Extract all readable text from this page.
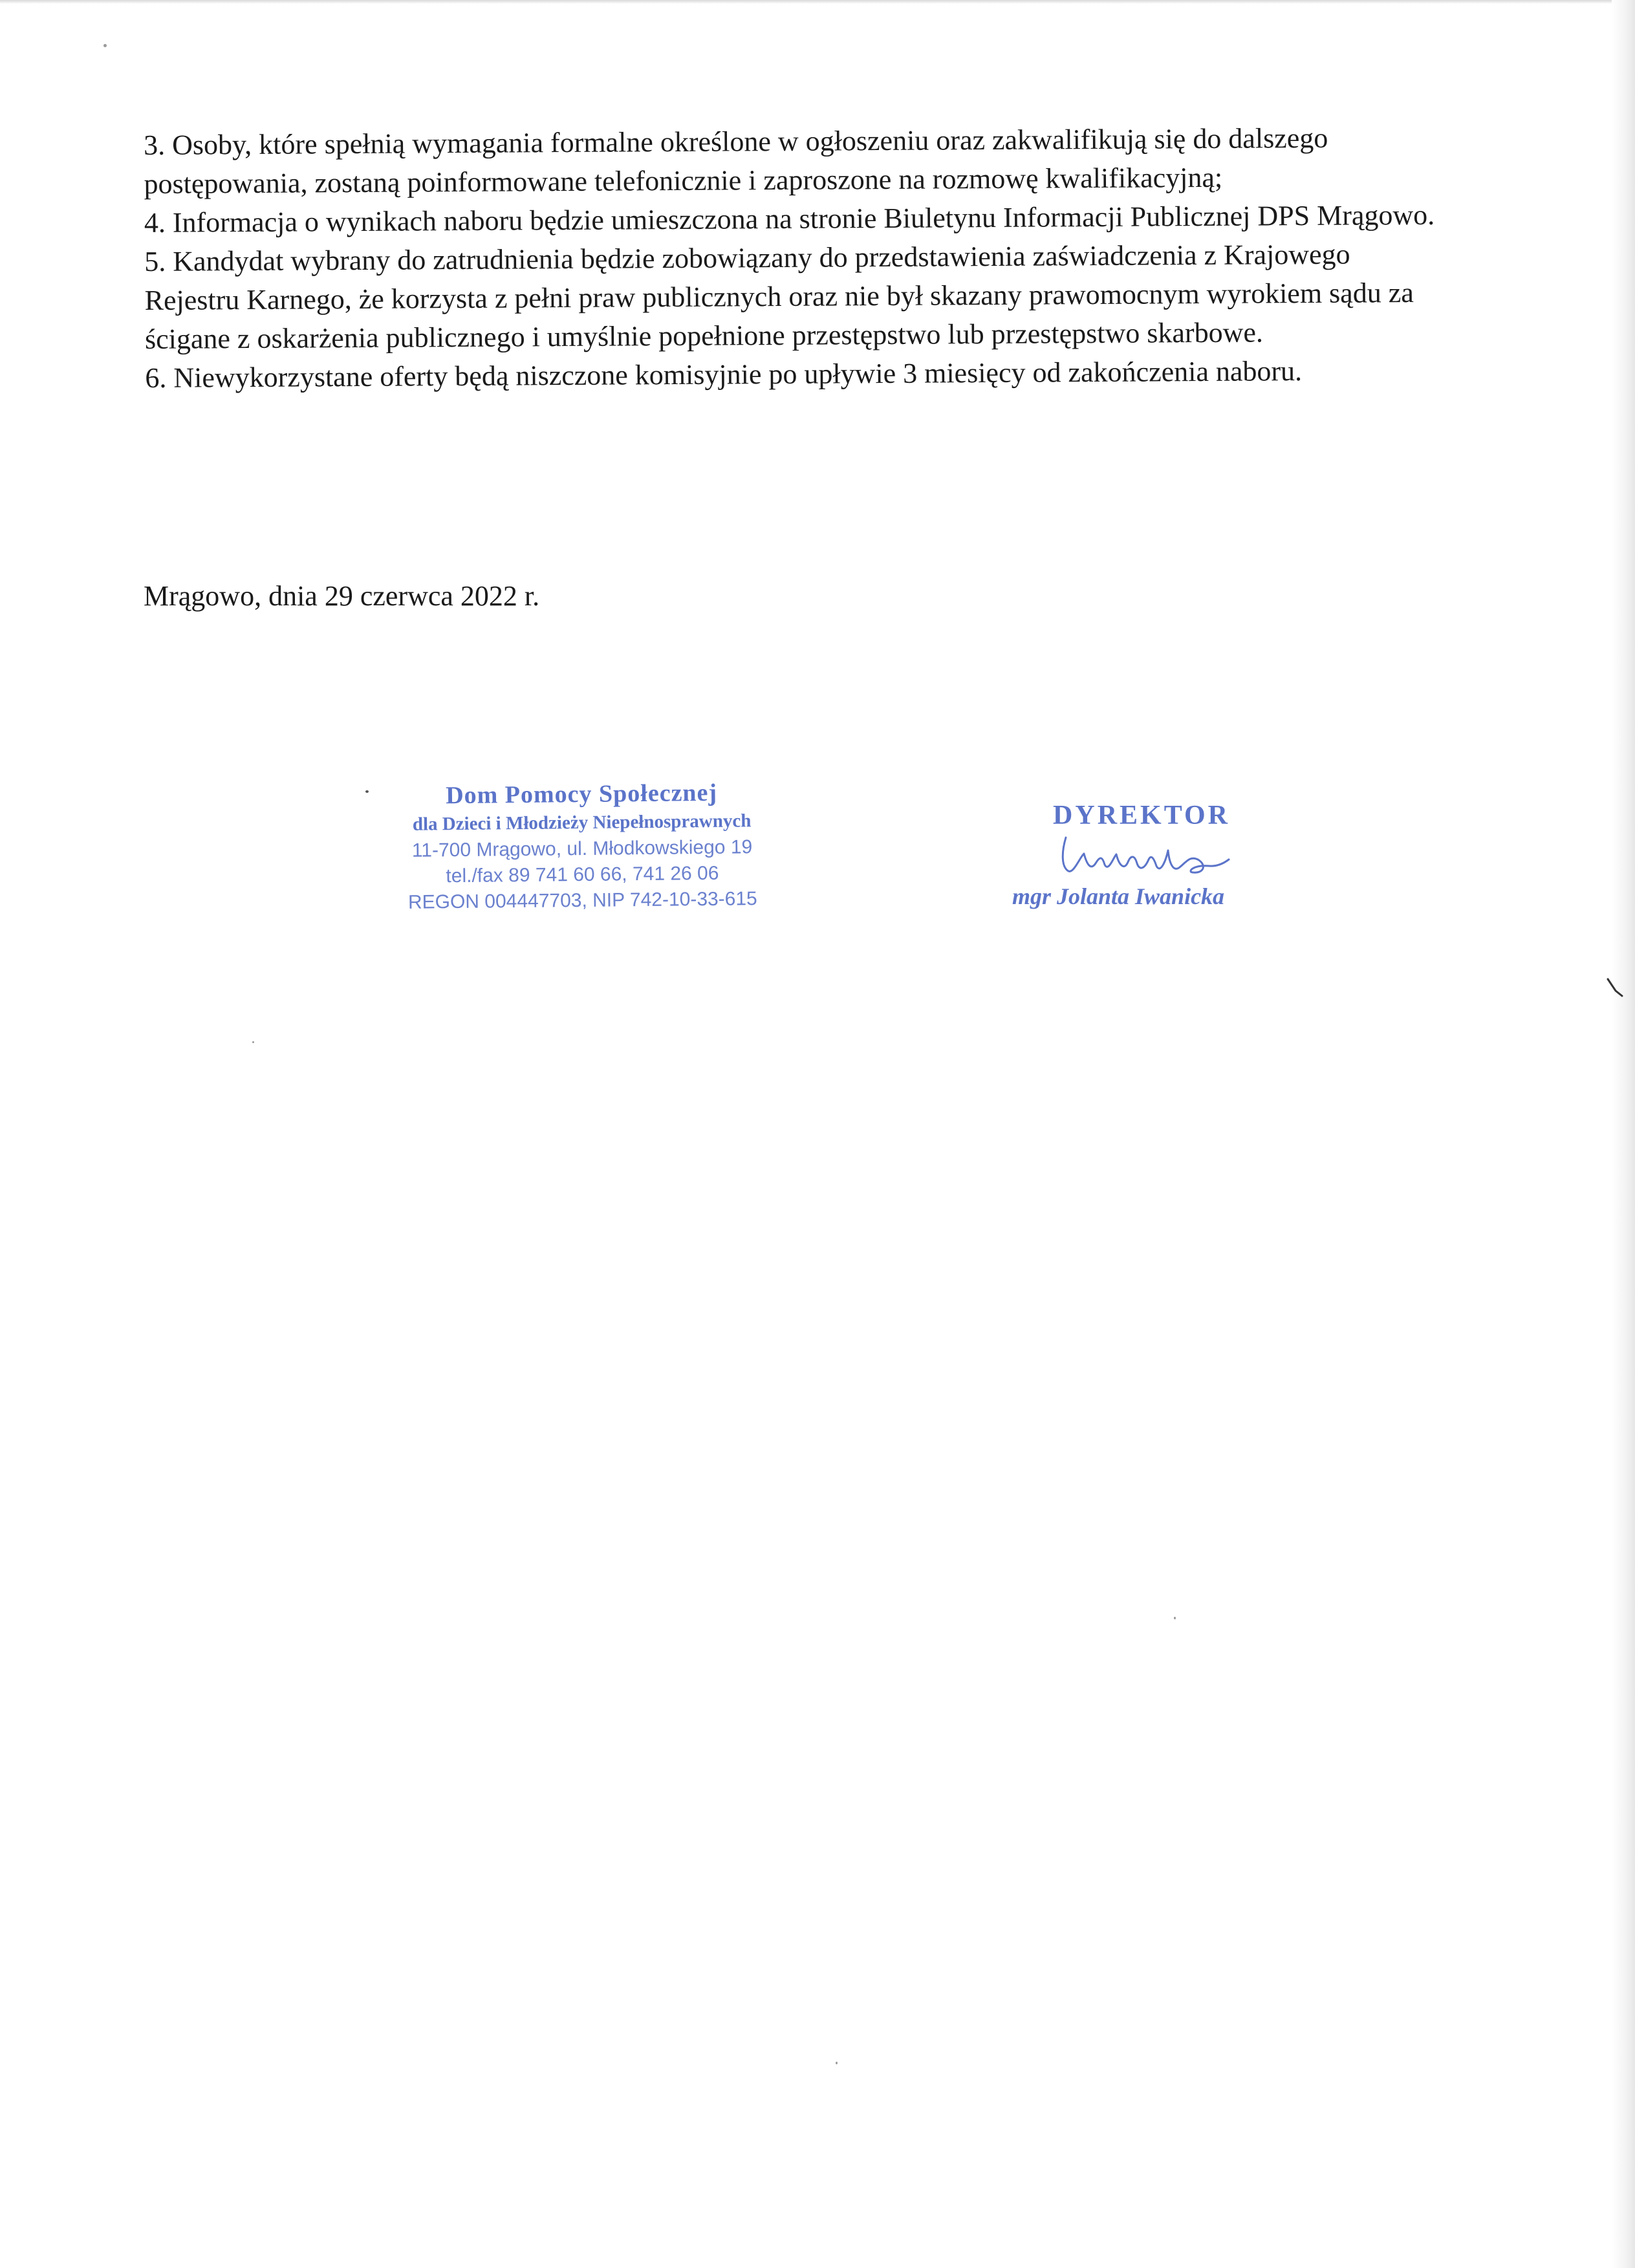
3. Osoby, które spełnią wymagania formalne określone w ogłoszeniu oraz zakwalifikują się do dalszego postępowania, zostaną poinformowane telefonicznie i zaproszone na rozmowę kwalifikacyjną;

4. Informacja o wynikach naboru będzie umieszczona na stronie Biuletynu Informacji Publicznej DPS Mrągowo.

5. Kandydat wybrany do zatrudnienia będzie zobowiązany do przedstawienia zaświadczenia z Krajowego Rejestru Karnego, że korzysta z pełni praw publicznych oraz nie był skazany prawomocnym wyrokiem sądu za ścigane z oskarżenia publicznego i umyślnie popełnione przestępstwo lub przestępstwo skarbowe.

6. Niewykorzystane oferty będą niszczone komisyjnie po upływie 3 miesięcy od zakończenia naboru.

Mrągowo, dnia 29 czerwca 2022 r.
Dom Pomocy Społecznej
dla Dzieci i Młodzieży Niepełnosprawnych
11-700 Mrągowo, ul. Młodkowskiego 19
tel./fax 89 741 60 66, 741 26 06
REGON 004447703, NIP 742-10-33-615
DYREKTOR
mgr Jolanta Iwanicka
